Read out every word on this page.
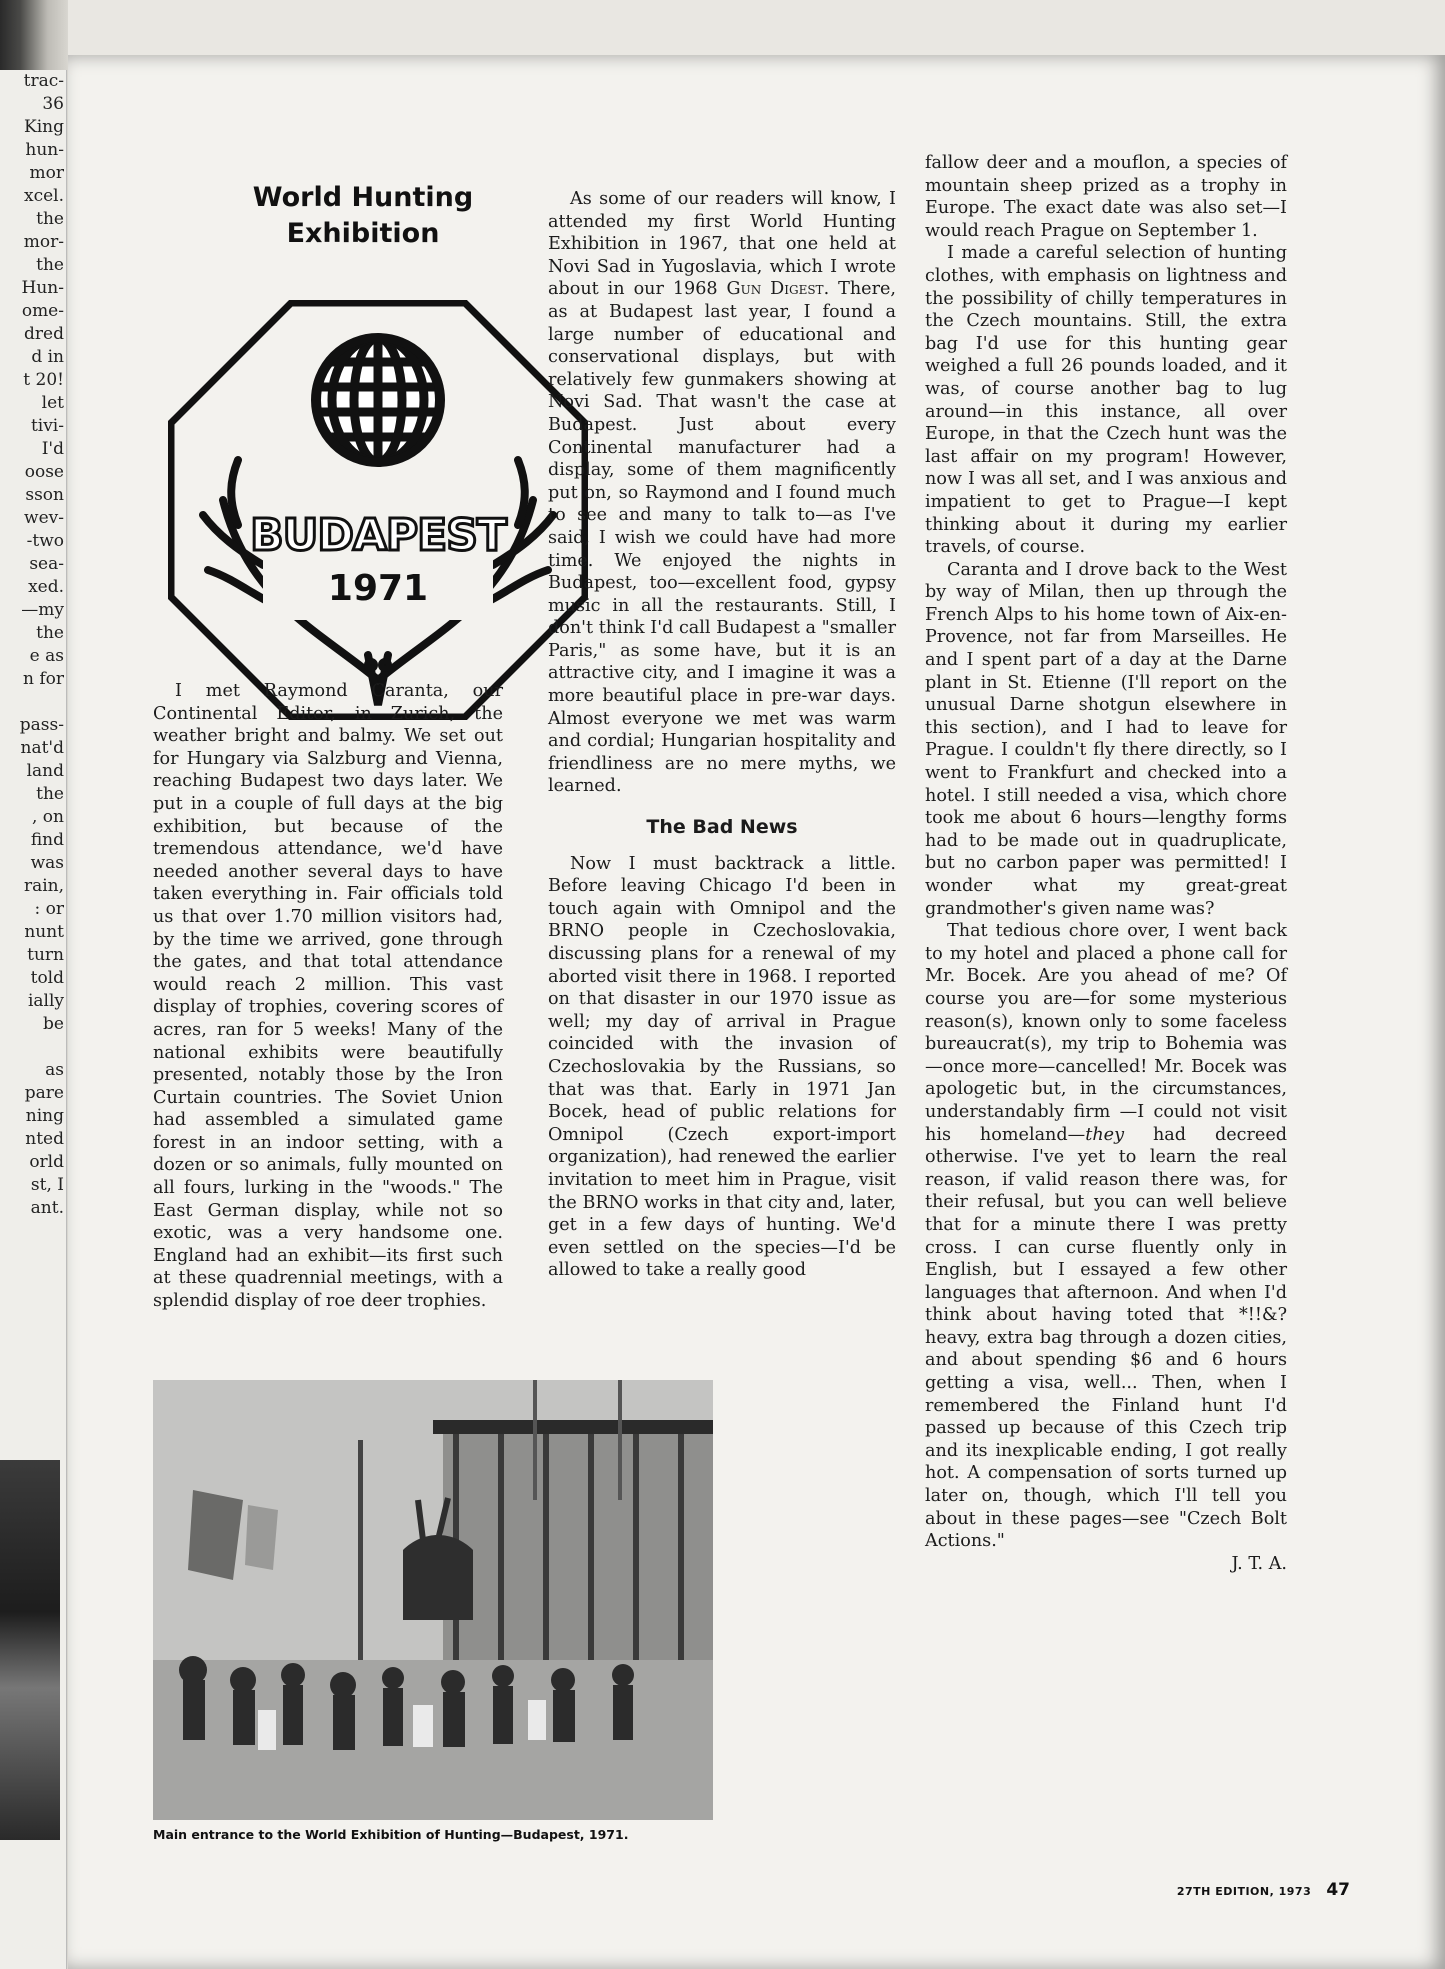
trac-
36
King
hun-
mor
xcel.
the
mor-
the
Hun-
ome-
dred
d in
t 20!
let
tivi-
I'd
oose
sson
wev-
-two
sea-
xed.
—my
the
e as
n for

pass-
nat'd
land
the
, on
find
was
rain,
: or
nunt
turn
told
ially
be

as
pare
ning
nted
orld
st, I
ant.
World Hunting Exhibition
BUDAPEST
1971

I met Raymond Caranta, our Continental Editor, in Zurich, the weather bright and balmy. We set out for Hungary via Salzburg and Vienna, reaching Budapest two days later. We put in a couple of full days at the big exhibition, but because of the tremendous attendance, we'd have needed another several days to have taken everything in. Fair officials told us that over 1.70 million visitors had, by the time we arrived, gone through the gates, and that total attendance would reach 2 million. This vast display of trophies, covering scores of acres, ran for 5 weeks! Many of the national exhibits were beautifully presented, notably those by the Iron Curtain countries. The Soviet Union had assembled a simulated game forest in an indoor setting, with a dozen or so animals, fully mounted on all fours, lurking in the "woods." The East German display, while not so exotic, was a very handsome one. England had an exhibit—its first such at these quadrennial meetings, with a splendid display of roe deer trophies.

As some of our readers will know, I attended my first World Hunting Exhibition in 1967, that one held at Novi Sad in Yugoslavia, which I wrote about in our 1968 Gun Digest. There, as at Budapest last year, I found a large number of educational and conservational displays, but with relatively few gunmakers showing at Novi Sad. That wasn't the case at Budapest. Just about every Continental manufacturer had a display, some of them magnificently put on, so Raymond and I found much to see and many to talk to—as I've said, I wish we could have had more time. We enjoyed the nights in Budapest, too—excellent food, gypsy music in all the restaurants. Still, I don't think I'd call Budapest a "smaller Paris," as some have, but it is an attractive city, and I imagine it was a more beautiful place in pre-war days. Almost everyone we met was warm and cordial; Hungarian hospitality and friendliness are no mere myths, we learned.

The Bad News

Now I must backtrack a little. Before leaving Chicago I'd been in touch again with Omnipol and the BRNO people in Czechoslovakia, discussing plans for a renewal of my aborted visit there in 1968. I reported on that disaster in our 1970 issue as well; my day of arrival in Prague coincided with the invasion of Czechoslovakia by the Russians, so that was that. Early in 1971 Jan Bocek, head of public relations for Omnipol (Czech export-import organization), had renewed the earlier invitation to meet him in Prague, visit the BRNO works in that city and, later, get in a few days of hunting. We'd even settled on the species—I'd be allowed to take a really good

fallow deer and a mouflon, a species of mountain sheep prized as a trophy in Europe. The exact date was also set—I would reach Prague on September 1.

I made a careful selection of hunting clothes, with emphasis on lightness and the possibility of chilly temperatures in the Czech mountains. Still, the extra bag I'd use for this hunting gear weighed a full 26 pounds loaded, and it was, of course another bag to lug around—in this instance, all over Europe, in that the Czech hunt was the last affair on my program! However, now I was all set, and I was anxious and impatient to get to Prague—I kept thinking about it during my earlier travels, of course.

Caranta and I drove back to the West by way of Milan, then up through the French Alps to his home town of Aix-en-Provence, not far from Marseilles. He and I spent part of a day at the Darne plant in St. Etienne (I'll report on the unusual Darne shotgun elsewhere in this section), and I had to leave for Prague. I couldn't fly there directly, so I went to Frankfurt and checked into a hotel. I still needed a visa, which chore took me about 6 hours—lengthy forms had to be made out in quadruplicate, but no carbon paper was permitted! I wonder what my great-great grandmother's given name was?

That tedious chore over, I went back to my hotel and placed a phone call for Mr. Bocek. Are you ahead of me? Of course you are—for some mysterious reason(s), known only to some faceless bureaucrat(s), my trip to Bohemia was—once more—cancelled! Mr. Bocek was apologetic but, in the circumstances, understandably firm —I could not visit his homeland—they had decreed otherwise. I've yet to learn the real reason, if valid reason there was, for their refusal, but you can well believe that for a minute there I was pretty cross. I can curse fluently only in English, but I essayed a few other languages that afternoon. And when I'd think about having toted that *!!&? heavy, extra bag through a dozen cities, and about spending $6 and 6 hours getting a visa, well... Then, when I remembered the Finland hunt I'd passed up because of this Czech trip and its inexplicable ending, I got really hot. A compensation of sorts turned up later on, though, which I'll tell you about in these pages—see "Czech Bolt Actions."

J. T. A.
Main entrance to the World Exhibition of Hunting—Budapest, 1971.
27TH EDITION, 1973 47
